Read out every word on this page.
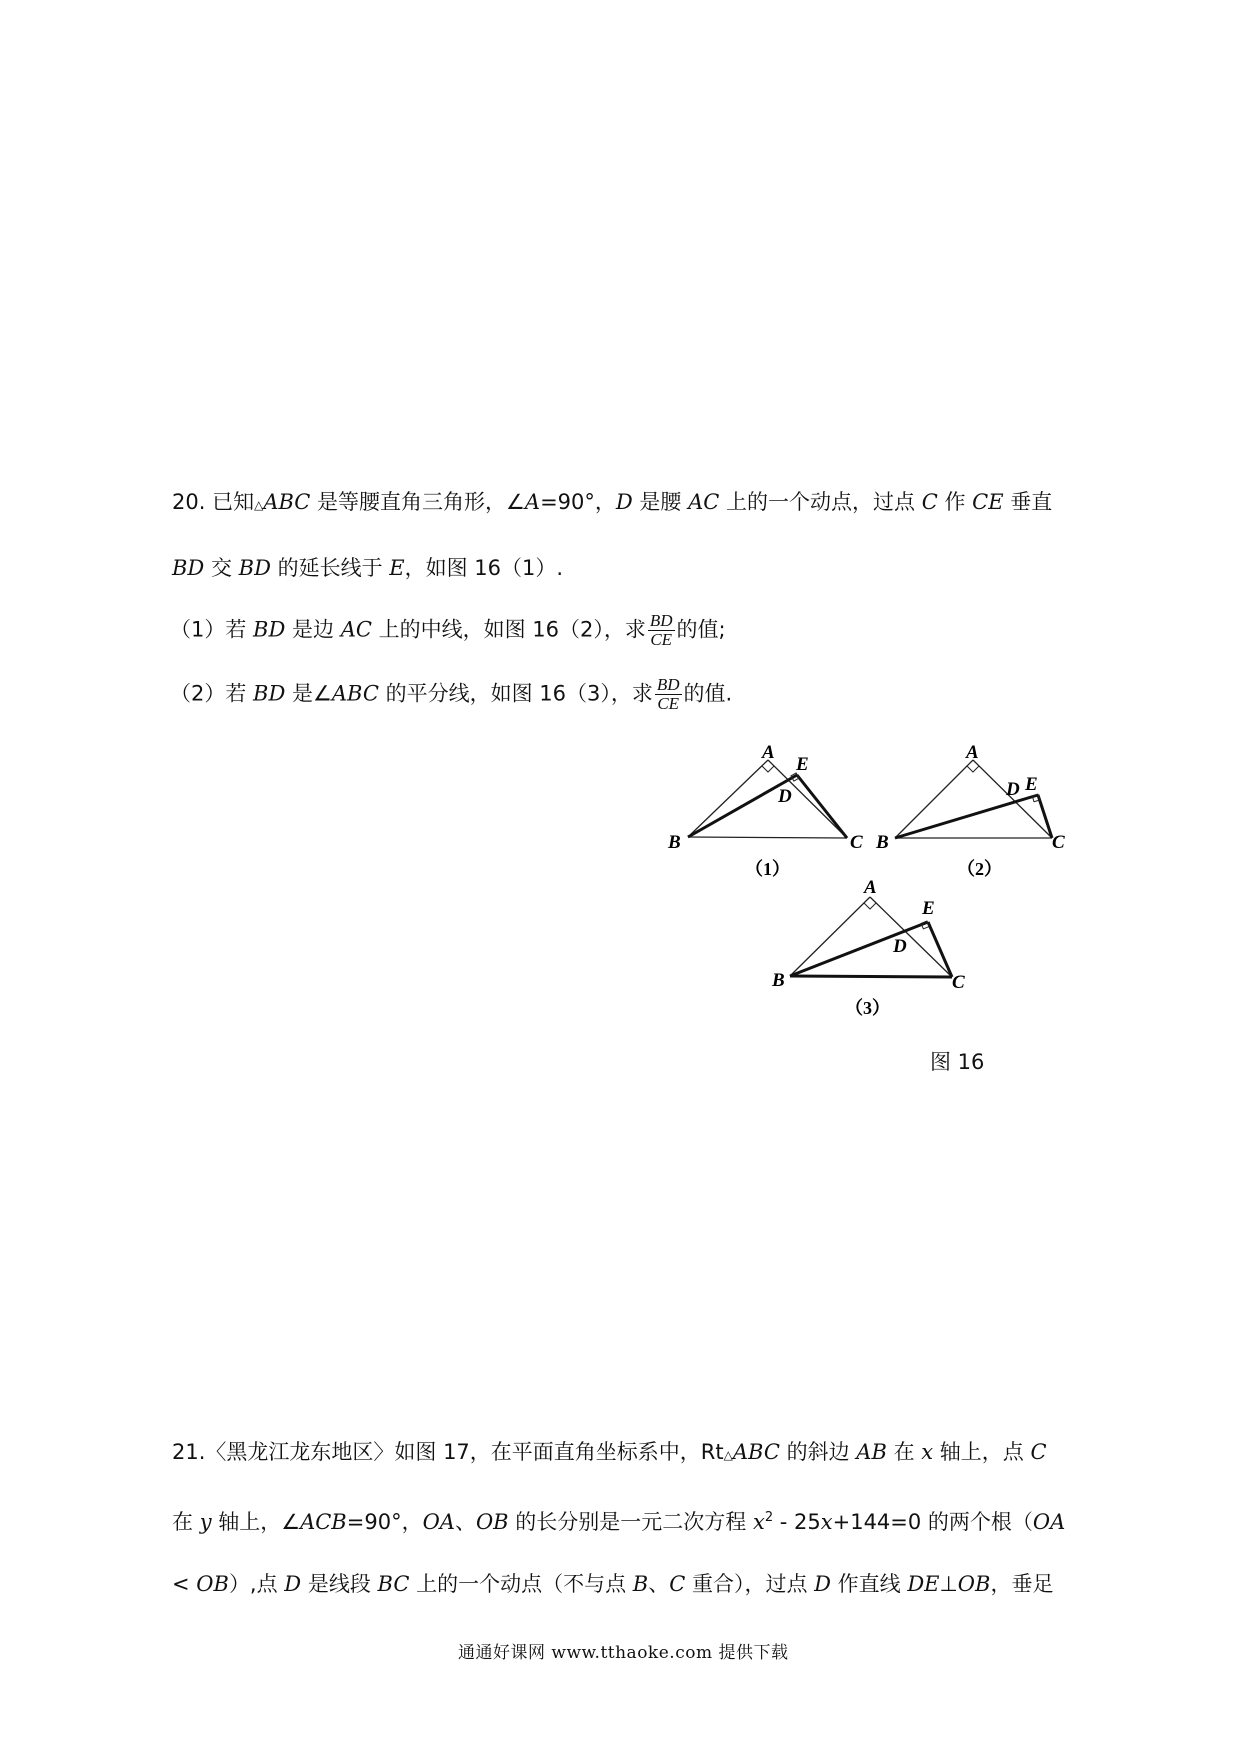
20. 已知△ABC 是等腰直角三角形，∠A=90°，D 是腰 AC 上的一个动点，过点 C 作 CE 垂直
BD 交 BD 的延长线于 E，如图 16（1）.
（1）若 BD 是边 AC 上的中线，如图 16（2），求 $\frac{BD}{CE}$ 的值;
（2）若 BD 是∠ABC 的平分线，如图 16（3），求 $\frac{BD}{CE}$ 的值.
A
E
D
B	C
（1）
A
D E
B	C
（2）
A
E
D
B	C
（3）
图 16
21.〈黑龙江龙东地区〉如图 17，在平面直角坐标系中，Rt△ABC 的斜边 AB 在 x 轴上，点 C
在 y 轴上，∠ACB=90°，OA、OB 的长分别是一元二次方程 $x^2 - 25x+144=0$ 的两个根（OA
< OB）,点 D 是线段 BC 上的一个动点（不与点 B、C 重合），过点 D 作直线 DE⊥OB，垂足
通通好课网 www.tthaoke.com 提供下载
